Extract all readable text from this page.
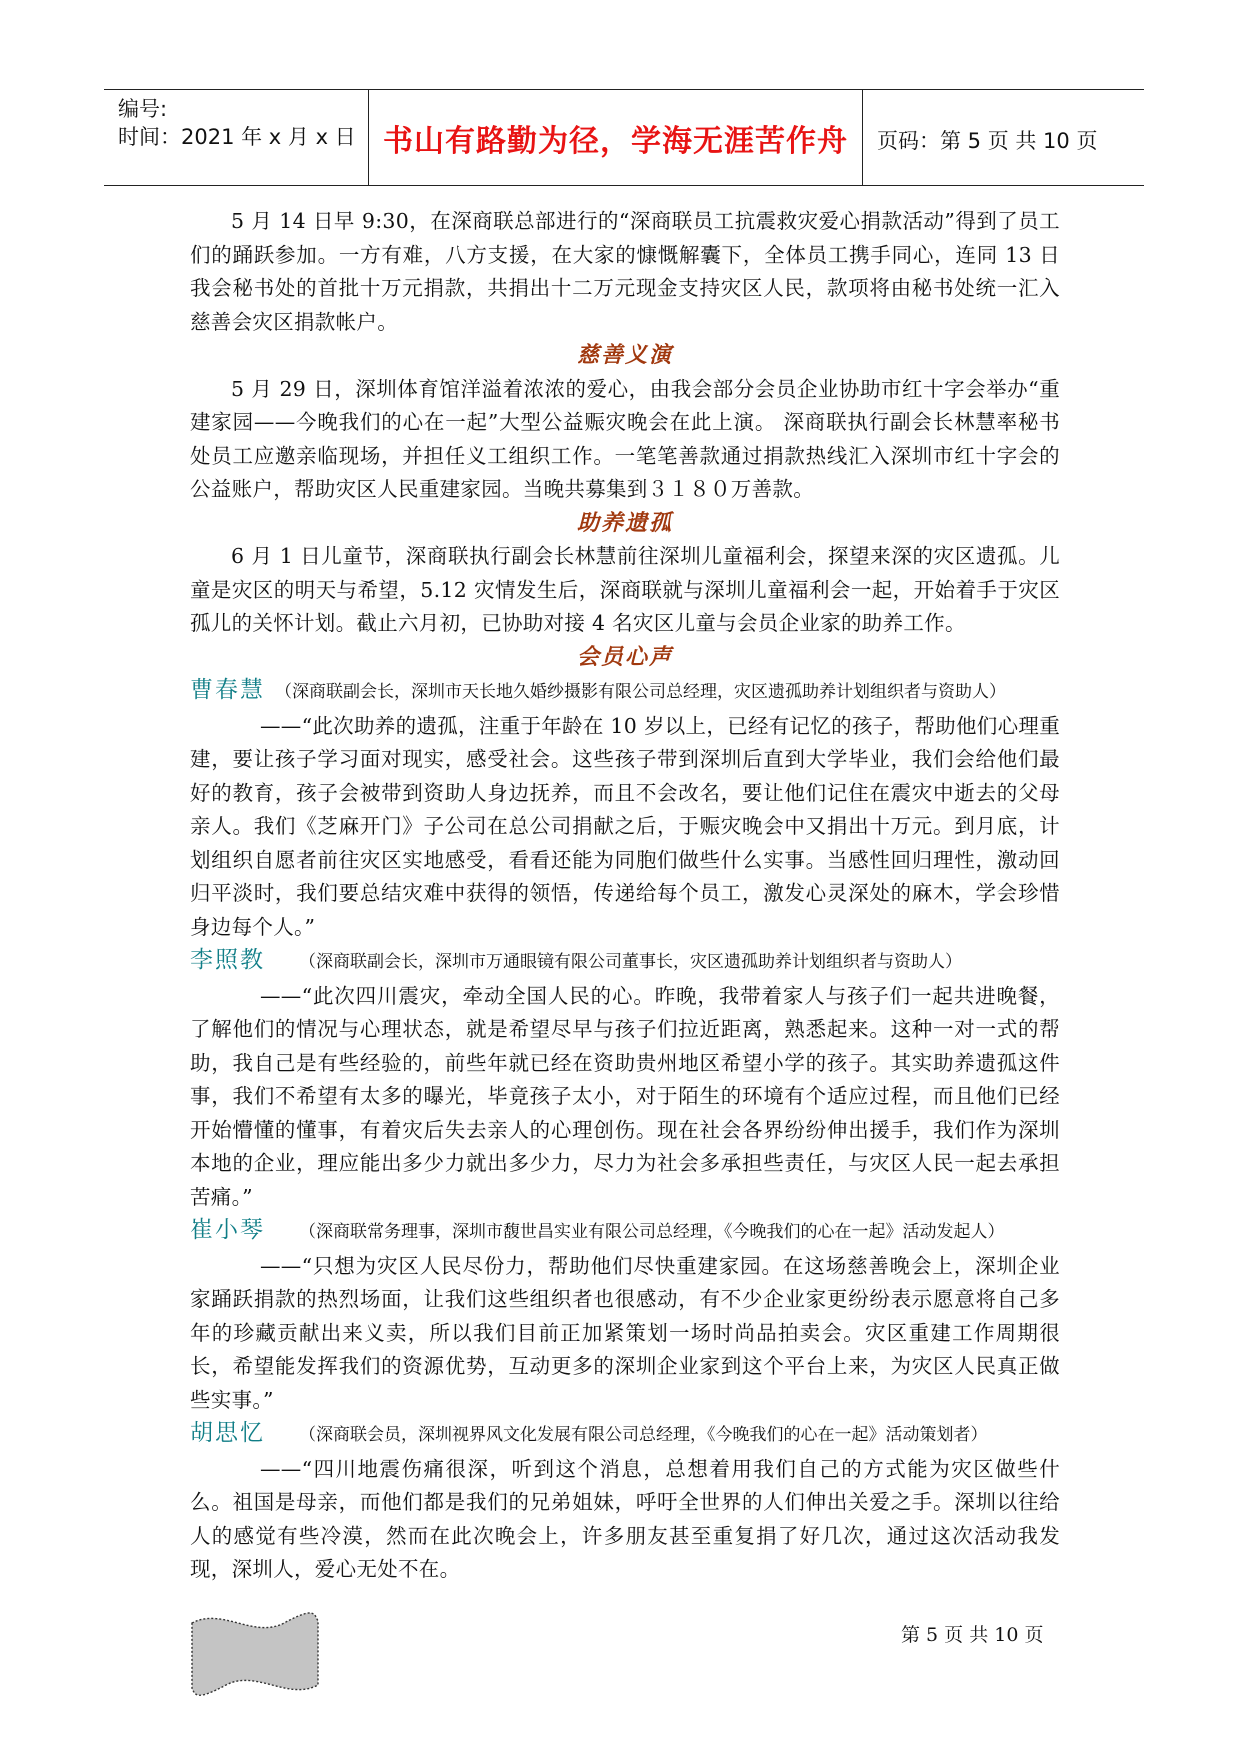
编号:
时间：2021 年 x 月 x 日 书山有路勤为径，学海无涯苦作舟	页码：第 5 页 共 10 页

5 月 14 日早 9:30，在深商联总部进行的“深商联员工抗震救灾爱心捐款活动”得到了员工们的踊跃参加。一方有难，八方支援，在大家的慷慨解囊下，全体员工携手同心，连同 13 日我会秘书处的首批十万元捐款，共捐出十二万元现金支持灾区人民，款项将由秘书处统一汇入慈善会灾区捐款帐户。

慈善义演

5 月 29 日，深圳体育馆洋溢着浓浓的爱心，由我会部分会员企业协助市红十字会举办“重建家园——今晚我们的心在一起”大型公益赈灾晚会在此上演。 深商联执行副会长林慧率秘书处员工应邀亲临现场，并担任义工组织工作。一笔笔善款通过捐款热线汇入深圳市红十字会的公益账户，帮助灾区人民重建家园。当晚共募集到３１８０万善款。

助养遗孤

6 月 1 日儿童节，深商联执行副会长林慧前往深圳儿童福利会，探望来深的灾区遗孤。儿童是灾区的明天与希望，5.12 灾情发生后，深商联就与深圳儿童福利会一起，开始着手于灾区孤儿的关怀计划。截止六月初，已协助对接 4 名灾区儿童与会员企业家的助养工作。

会员心声

曹春慧 （深商联副会长，深圳市天长地久婚纱摄影有限公司总经理，灾区遗孤助养计划组织者与资助人）

——“此次助养的遗孤，注重于年龄在 10 岁以上，已经有记忆的孩子，帮助他们心理重建，要让孩子学习面对现实，感受社会。这些孩子带到深圳后直到大学毕业，我们会给他们最好的教育，孩子会被带到资助人身边抚养，而且不会改名，要让他们记住在震灾中逝去的父母亲人。我们《芝麻开门》子公司在总公司捐献之后，于赈灾晚会中又捐出十万元。到月底，计划组织自愿者前往灾区实地感受，看看还能为同胞们做些什么实事。当感性回归理性，激动回归平淡时，我们要总结灾难中获得的领悟，传递给每个员工，激发心灵深处的麻木，学会珍惜身边每个人。”

李照教 （深商联副会长，深圳市万通眼镜有限公司董事长，灾区遗孤助养计划组织者与资助人）

——“此次四川震灾，牵动全国人民的心。昨晚，我带着家人与孩子们一起共进晚餐，了解他们的情况与心理状态，就是希望尽早与孩子们拉近距离，熟悉起来。这种一对一式的帮助，我自己是有些经验的，前些年就已经在资助贵州地区希望小学的孩子。其实助养遗孤这件事，我们不希望有太多的曝光，毕竟孩子太小，对于陌生的环境有个适应过程，而且他们已经开始懵懂的懂事，有着灾后失去亲人的心理创伤。现在社会各界纷纷伸出援手，我们作为深圳本地的企业，理应能出多少力就出多少力，尽力为社会多承担些责任，与灾区人民一起去承担苦痛。”

崔小琴 （深商联常务理事，深圳市馥世昌实业有限公司总经理，《今晚我们的心在一起》活动发起人）

——“只想为灾区人民尽份力，帮助他们尽快重建家园。在这场慈善晚会上，深圳企业家踊跃捐款的热烈场面，让我们这些组织者也很感动，有不少企业家更纷纷表示愿意将自己多年的珍藏贡献出来义卖，所以我们目前正加紧策划一场时尚品拍卖会。灾区重建工作周期很长，希望能发挥我们的资源优势，互动更多的深圳企业家到这个平台上来，为灾区人民真正做些实事。”

胡思忆 （深商联会员，深圳视界风文化发展有限公司总经理，《今晚我们的心在一起》活动策划者）

——“四川地震伤痛很深，听到这个消息，总想着用我们自己的方式能为灾区做些什么。祖国是母亲，而他们都是我们的兄弟姐妹，呼吁全世界的人们伸出关爱之手。深圳以往给人的感觉有些冷漠，然而在此次晚会上，许多朋友甚至重复捐了好几次，通过这次活动我发现，深圳人，爱心无处不在。

第 5 页 共 10 页
